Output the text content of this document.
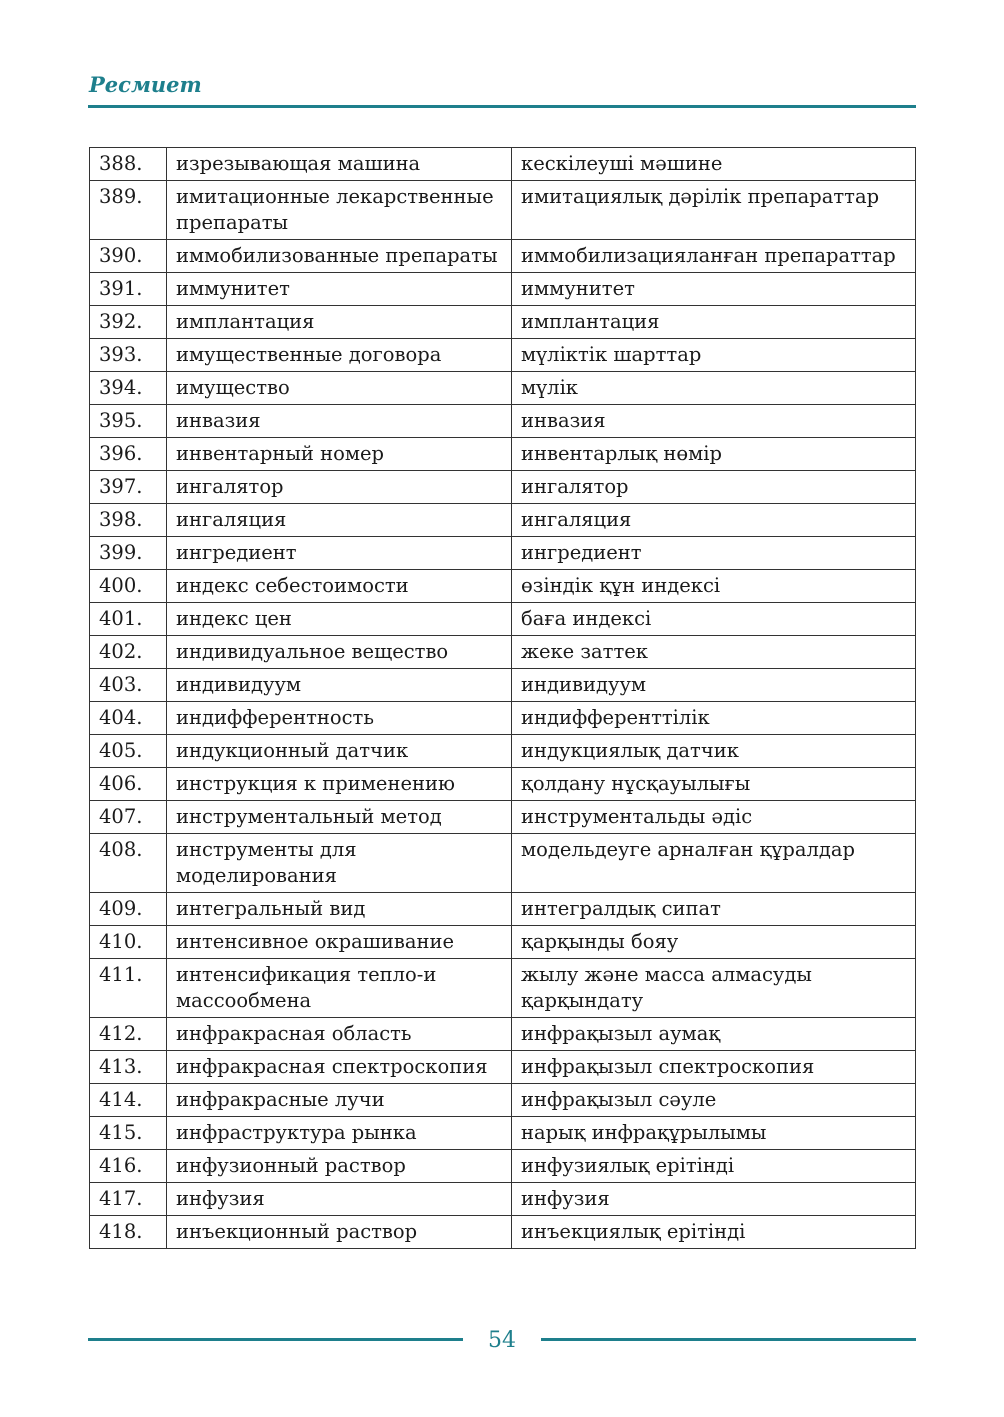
Ресмиет
388.	изрезывающая машина	кескілеуші мәшине
389.	имитационные лекарственные препараты	имитациялық дәрілік препараттар
390.	иммобилизованные препараты	иммобилизацияланған препараттар
391.	иммунитет	иммунитет
392.	имплантация	имплантация
393.	имущественные договора	мүліктік шарттар
394.	имущество	мүлік
395.	инвазия	инвазия
396.	инвентарный номер	инвентарлық нөмір
397.	ингалятор	ингалятор
398.	ингаляция	ингаляция
399.	ингредиент	ингредиент
400.	индекс себестоимости	өзіндік құн индексі
401.	индекс цен	баға индексі
402.	индивидуальное вещество	жеке заттек
403.	индивидуум	индивидуум
404.	индифферентность	индифференттілік
405.	индукционный датчик	индукциялық датчик
406.	инструкция к применению	қолдану нұсқауылығы
407.	инструментальный метод	инструментальды әдіс
408.	инструменты для моделирования	модельдеуге арналған құралдар
409.	интегральный вид	интегралдық сипат
410.	интенсивное окрашивание	қарқынды бояу
411.	интенсификация тепло-и массообмена	жылу және масса алмасуды қарқындату
412.	инфракрасная область	инфрақызыл аумақ
413.	инфракрасная спектроскопия	инфрақызыл спектроскопия
414.	инфракрасные лучи	инфрақызыл сәуле
415.	инфраструктура рынка	нарық инфрақұрылымы
416.	инфузионный раствор	инфузиялық ерітінді
417.	инфузия	инфузия
418.	инъекционный раствор	инъекциялық ерітінді
54
